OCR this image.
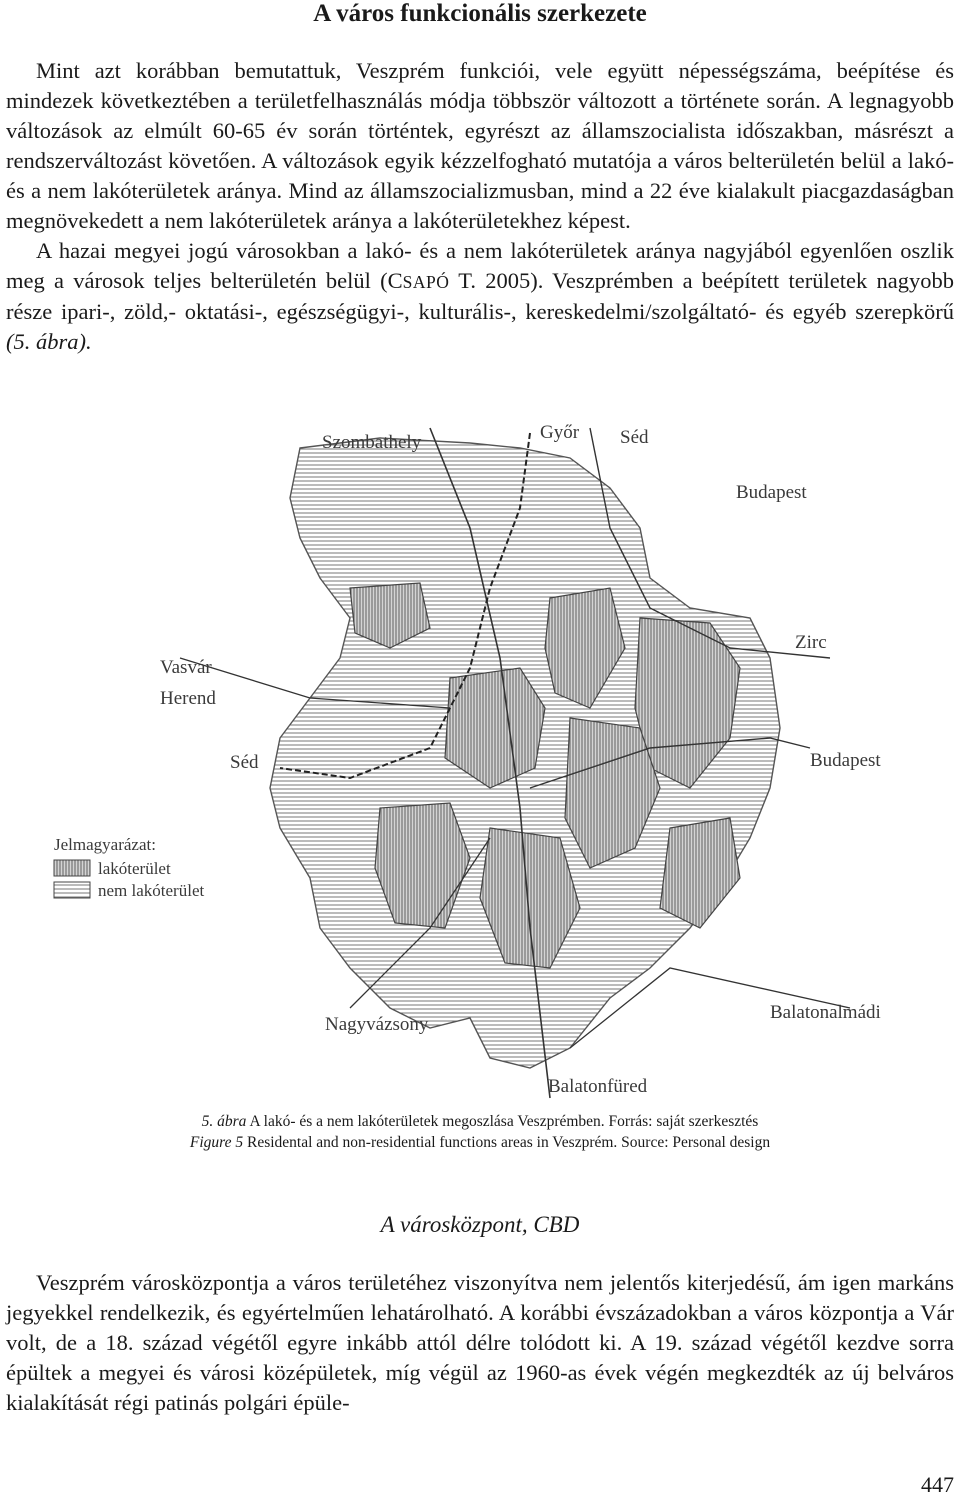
A város funkcionális szerkezete

Mint azt korábban bemutattuk, Veszprém funkciói, vele együtt népességszáma, beépítése és mindezek következtében a területfelhasználás módja többször változott a története során. A legnagyobb változások az elmúlt 60-65 év során történtek, egyrészt az államszocialista időszakban, másrészt a rendszerváltozást követően. A változások egyik kézzelfogható mutatója a város belterületén belül a lakó- és a nem lakóterületek aránya. Mind az államszocializmusban, mind a 22 éve kialakult piacgazdaságban megnövekedett a nem lakóterületek aránya a lakóterületekhez képest.

A hazai megyei jogú városokban a lakó- és a nem lakóterületek aránya nagyjából egyenlően oszlik meg a városok teljes belterületén belül (CSAPÓ T. 2005). Veszprémben a beépített területek nagyobb része ipari-, zöld,- oktatási-, egészségügyi-, kulturális-, kereskedelmi/szolgáltató- és egyéb szerepkörű (5. ábra).

Szombathely	Győr Séd
Budapest
Zirc
Vasvár
Herend
Séd	Budapest
Nagyvázsony
Balatonalmádi
Balatonfüred
Jelmagyarázat:
lakóterület
nem lakóterület
5. ábra A lakó- és a nem lakóterületek megoszlása Veszprémben. Forrás: saját szerkesztés
Figure 5 Residental and non-residential functions areas in Veszprém. Source: Personal design
A városközpont, CBD

Veszprém városközpontja a város területéhez viszonyítva nem jelentős kiterjedésű, ám igen markáns jegyekkel rendelkezik, és egyértelműen lehatárolható. A korábbi évszázadokban a város központja a Vár volt, de a 18. század végétől egyre inkább attól délre tolódott ki. A 19. század végétől kezdve sorra épültek a megyei és városi középületek, míg végül az 1960-as évek végén megkezdték az új belváros kialakítását régi patinás polgári épüle-

447
